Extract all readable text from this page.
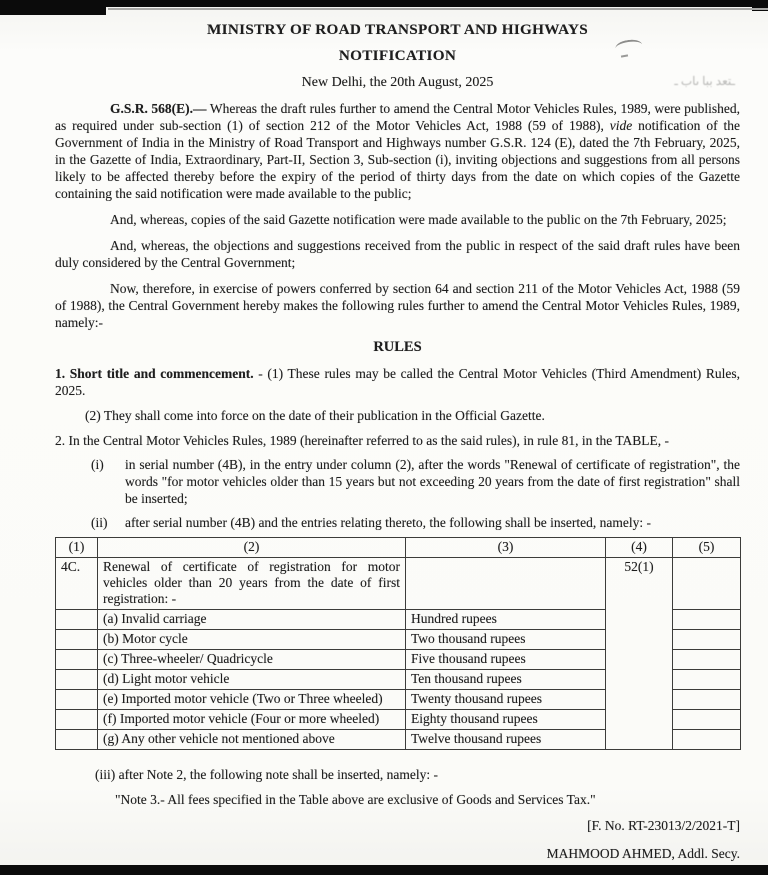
ـتعد ببا ںاب ـ
MINISTRY OF ROAD TRANSPORT AND HIGHWAYS
NOTIFICATION
New Delhi, the 20th August, 2025

G.S.R. 568(E).— Whereas the draft rules further to amend the Central Motor Vehicles Rules, 1989, were published, as required under sub-section (1) of section 212 of the Motor Vehicles Act, 1988 (59 of 1988), vide notification of the Government of India in the Ministry of Road Transport and Highways number G.S.R. 124 (E), dated the 7th February, 2025, in the Gazette of India, Extraordinary, Part-II, Section 3, Sub-section (i), inviting objections and suggestions from all persons likely to be affected thereby before the expiry of the period of thirty days from the date on which copies of the Gazette containing the said notification were made available to the public;

And, whereas, copies of the said Gazette notification were made available to the public on the 7th February, 2025;

And, whereas, the objections and suggestions received from the public in respect of the said draft rules have been duly considered by the Central Government;

Now, therefore, in exercise of powers conferred by section 64 and section 211 of the Motor Vehicles Act, 1988 (59 of 1988), the Central Government hereby makes the following rules further to amend the Central Motor Vehicles Rules, 1989, namely:-

RULES

1. Short title and commencement. - (1) These rules may be called the Central Motor Vehicles (Third Amendment) Rules, 2025.

(2) They shall come into force on the date of their publication in the Official Gazette.

2. In the Central Motor Vehicles Rules, 1989 (hereinafter referred to as the said rules), in rule 81, in the TABLE, -

(i)	in serial number (4B), in the entry under column (2), after the words "Renewal of certificate of registration", the words "for motor vehicles older than 15 years but not exceeding 20 years from the date of first registration" shall be inserted;
(ii)	after serial number (4B) and the entries relating thereto, the following shall be inserted, namely: -
(1)	(2)	(3)	(4)	(5)
4C.	Renewal of certificate of registration for motor vehicles older than 20 years from the date of first registration: -		52(1)	
	(a) Invalid carriage	Hundred rupees		
	(b) Motor cycle	Two thousand rupees		
	(c) Three-wheeler/ Quadricycle	Five thousand rupees		
	(d) Light motor vehicle	Ten thousand rupees		
	(e) Imported motor vehicle (Two or Three wheeled)	Twenty thousand rupees		
	(f) Imported motor vehicle (Four or more wheeled)	Eighty thousand rupees		
	(g) Any other vehicle not mentioned above	Twelve thousand rupees		

(iii) after Note 2, the following note shall be inserted, namely: -

"Note 3.- All fees specified in the Table above are exclusive of Goods and Services Tax."

[F. No. RT-23013/2/2021-T]

MAHMOOD AHMED, Addl. Secy.
